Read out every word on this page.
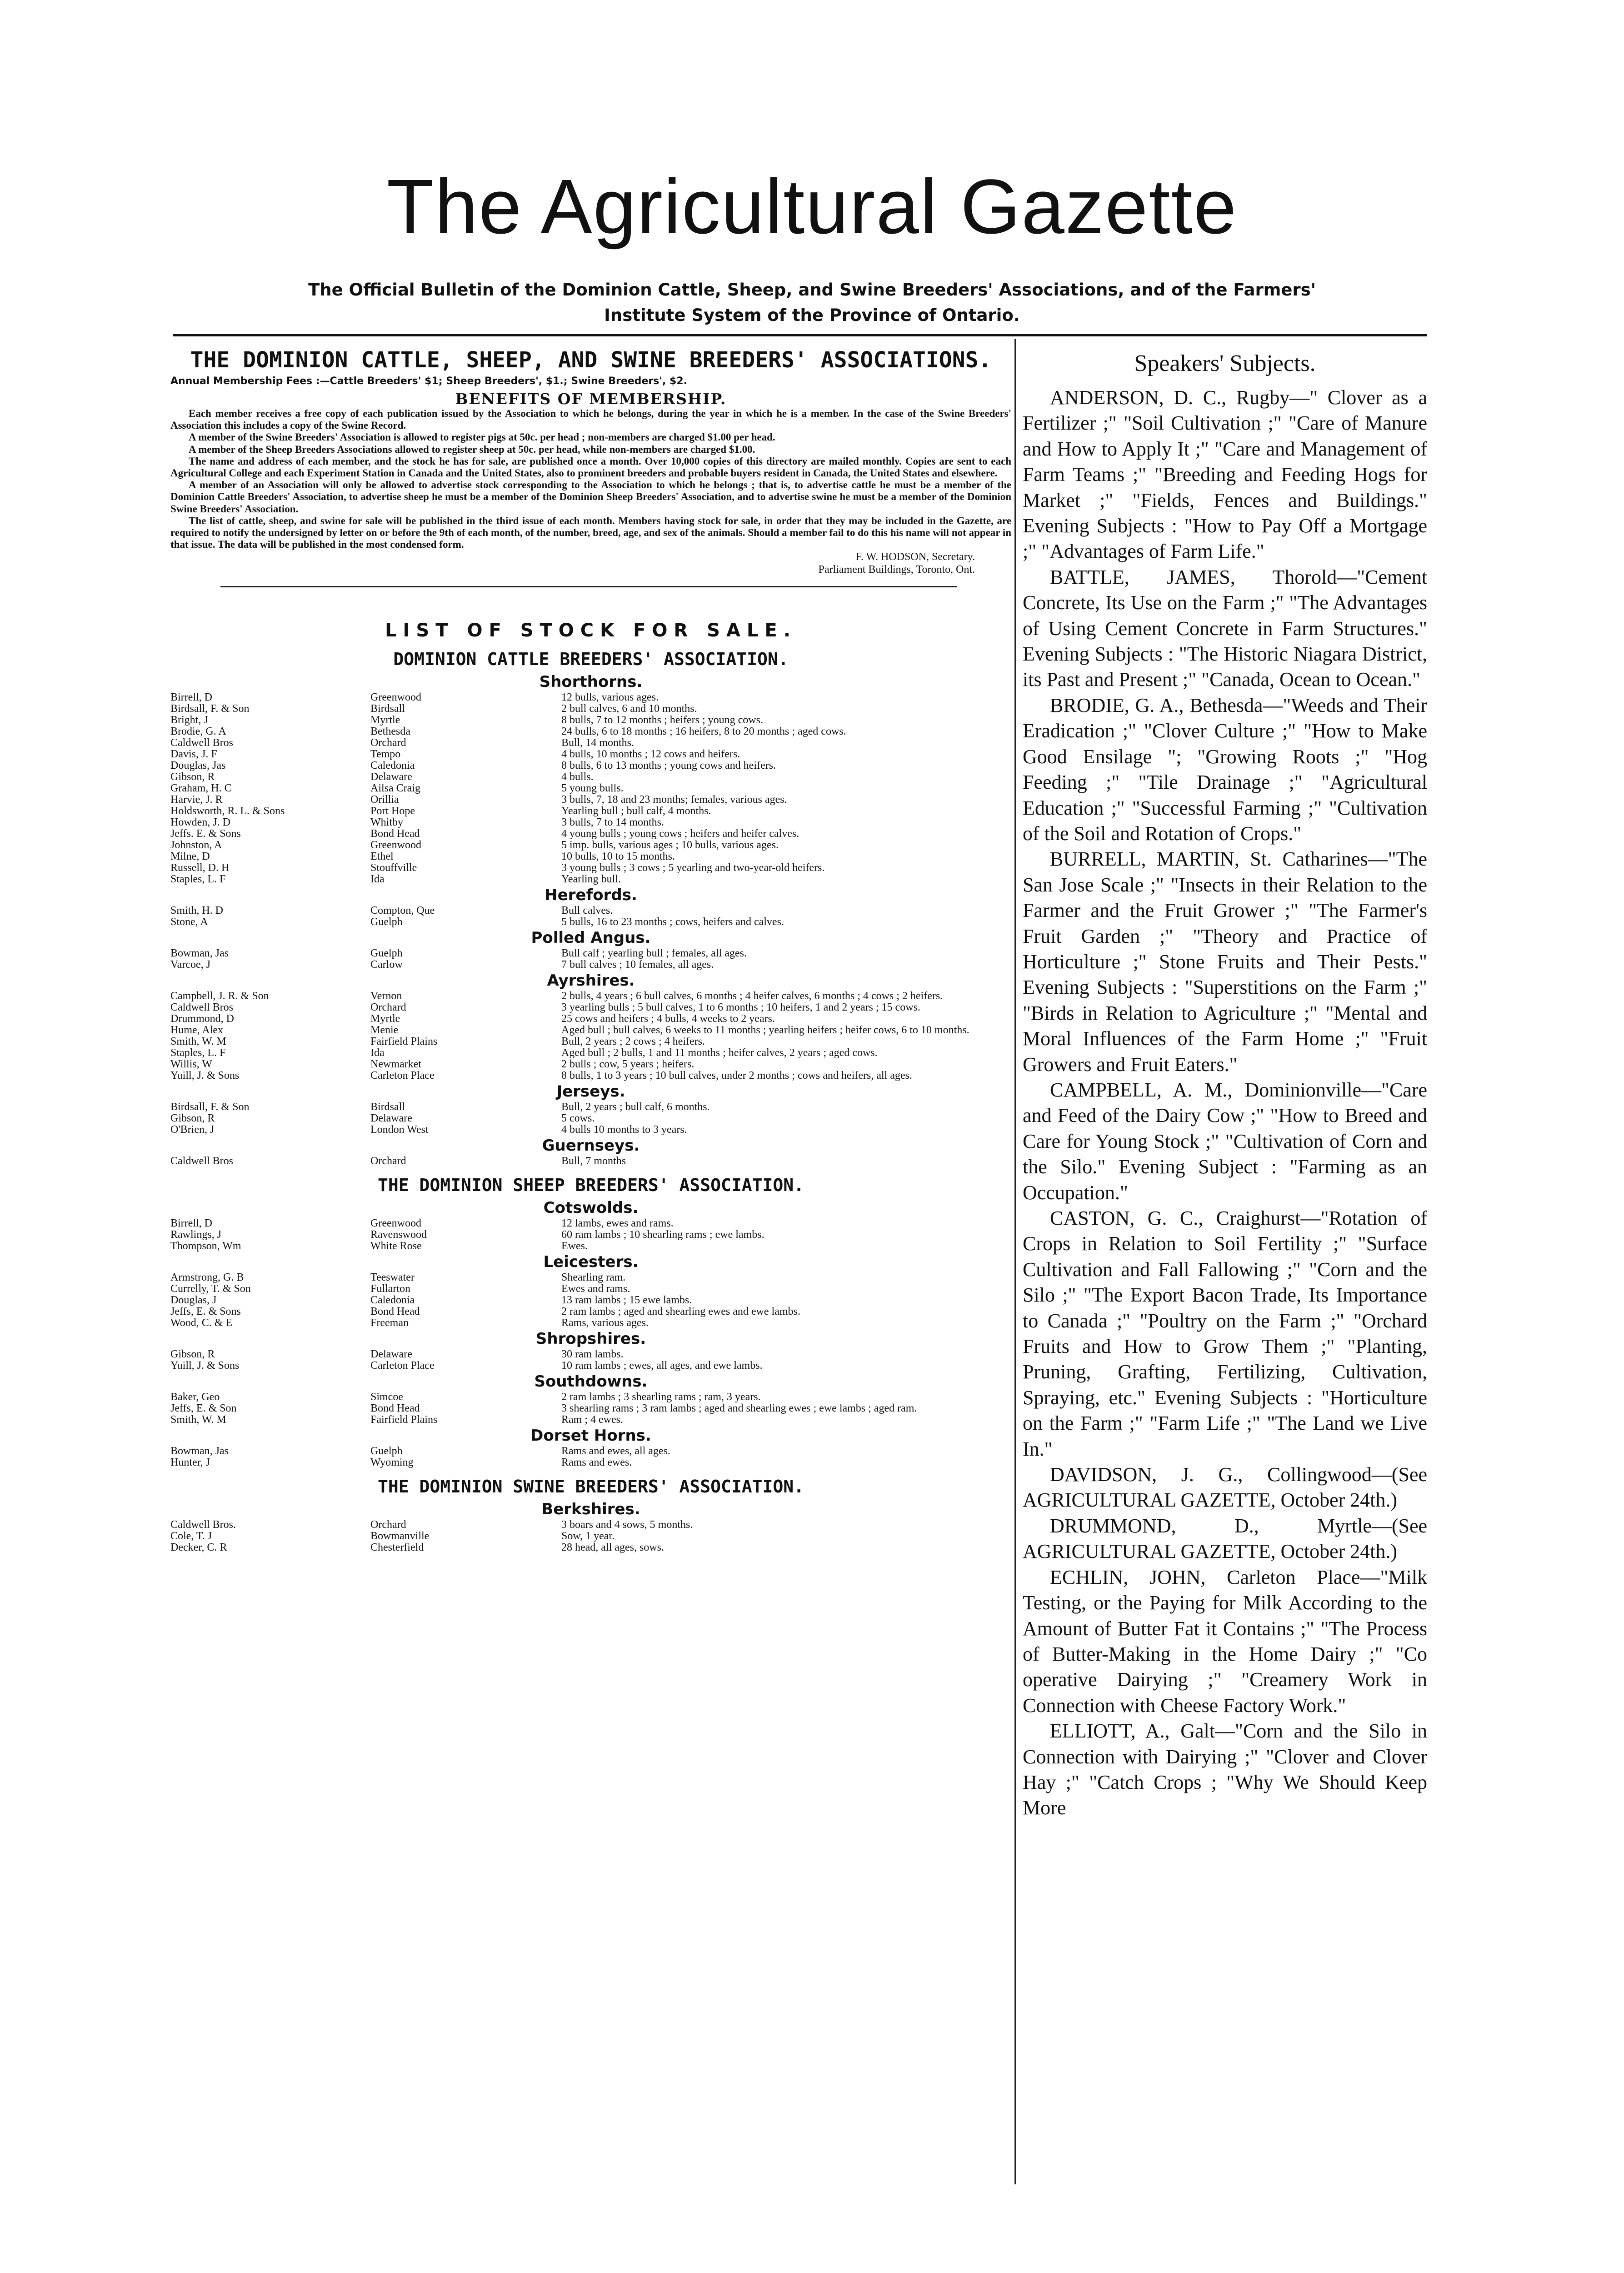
The Agricultural Gazette
The Official Bulletin of the Dominion Cattle, Sheep, and Swine Breeders' Associations, and of the Farmers' Institute System of the Province of Ontario.
THE DOMINION CATTLE, SHEEP, AND SWINE BREEDERS' ASSOCIATIONS.
Annual Membership Fees :—Cattle Breeders' $1; Sheep Breeders', $1.; Swine Breeders', $2.
BENEFITS OF MEMBERSHIP.

Each member receives a free copy of each publication issued by the Association to which he belongs, during the year in which he is a member. In the case of the Swine Breeders' Association this includes a copy of the Swine Record.

A member of the Swine Breeders' Association is allowed to register pigs at 50c. per head ; non-members are charged $1.00 per head.

A member of the Sheep Breeders Associations allowed to register sheep at 50c. per head, while non-members are charged $1.00.

The name and address of each member, and the stock he has for sale, are published once a month. Over 10,000 copies of this directory are mailed monthly. Copies are sent to each Agricultural College and each Experiment Station in Canada and the United States, also to prominent breeders and probable buyers resident in Canada, the United States and elsewhere.

A member of an Association will only be allowed to advertise stock corresponding to the Association to which he belongs ; that is, to advertise cattle he must be a member of the Dominion Cattle Breeders' Association, to advertise sheep he must be a member of the Dominion Sheep Breeders' Association, and to advertise swine he must be a member of the Dominion Swine Breeders' Association.

The list of cattle, sheep, and swine for sale will be published in the third issue of each month. Members having stock for sale, in order that they may be included in the Gazette, are required to notify the undersigned by letter on or before the 9th of each month, of the number, breed, age, and sex of the animals. Should a member fail to do this his name will not appear in that issue. The data will be published in the most condensed form.

F. W. HODSON, Secretary.
Parliament Buildings, Toronto, Ont.
LIST OF STOCK FOR SALE.
DOMINION CATTLE BREEDERS' ASSOCIATION.
Shorthorns.
Birrell, D	Greenwood	12 bulls, various ages.
Birdsall, F. & Son	Birdsall	2 bull calves, 6 and 10 months.
Bright, J	Myrtle	8 bulls, 7 to 12 months ; heifers ; young cows.
Brodie, G. A	Bethesda	24 bulls, 6 to 18 months ; 16 heifers, 8 to 20 months ; aged cows.
Caldwell Bros	Orchard	Bull, 14 months.
Davis, J. F	Tempo	4 bulls, 10 months ; 12 cows and heifers.
Douglas, Jas	Caledonia	8 bulls, 6 to 13 months ; young cows and heifers.
Gibson, R	Delaware	4 bulls.
Graham, H. C	Ailsa Craig	5 young bulls.
Harvie, J. R	Orillia	3 bulls, 7, 18 and 23 months; females, various ages.
Holdsworth, R. L. & Sons	Port Hope	Yearling bull ; bull calf, 4 months.
Howden, J. D	Whitby	3 bulls, 7 to 14 months.
Jeffs. E. & Sons	Bond Head	4 young bulls ; young cows ; heifers and heifer calves.
Johnston, A	Greenwood	5 imp. bulls, various ages ; 10 bulls, various ages.
Milne, D	Ethel	10 bulls, 10 to 15 months.
Russell, D. H	Stouffville	3 young bulls ; 3 cows ; 5 yearling and two-year-old heifers.
Staples, L. F	Ida	Yearling bull.
Herefords.
Smith, H. D	Compton, Que	Bull calves.
Stone, A	Guelph	5 bulls, 16 to 23 months ; cows, heifers and calves.
Polled Angus.
Bowman, Jas	Guelph	Bull calf ; yearling bull ; females, all ages.
Varcoe, J	Carlow	7 bull calves ; 10 females, all ages.
Ayrshires.
Campbell, J. R. & Son	Vernon	2 bulls, 4 years ; 6 bull calves, 6 months ; 4 heifer calves, 6 months ; 4 cows ; 2 heifers.
Caldwell Bros	Orchard	3 yearling bulls ; 5 bull calves, 1 to 6 months ; 10 heifers, 1 and 2 years ; 15 cows.
Drummond, D	Myrtle	25 cows and heifers ; 4 bulls, 4 weeks to 2 years.
Hume, Alex	Menie	Aged bull ; bull calves, 6 weeks to 11 months ; yearling heifers ; heifer cows, 6 to 10 months.
Smith, W. M	Fairfield Plains	Bull, 2 years ; 2 cows ; 4 heifers.
Staples, L. F	Ida	Aged bull ; 2 bulls, 1 and 11 months ; heifer calves, 2 years ; aged cows.
Willis, W	Newmarket	2 bulls ; cow, 5 years ; heifers.
Yuill, J. & Sons	Carleton Place	8 bulls, 1 to 3 years ; 10 bull calves, under 2 months ; cows and heifers, all ages.
Jerseys.
Birdsall, F. & Son	Birdsall	Bull, 2 years ; bull calf, 6 months.
Gibson, R	Delaware	5 cows.
O'Brien, J	London West	4 bulls 10 months to 3 years.
Guernseys.
Caldwell Bros	Orchard	Bull, 7 months
THE DOMINION SHEEP BREEDERS' ASSOCIATION.
Cotswolds.
Birrell, D	Greenwood	12 lambs, ewes and rams.
Rawlings, J	Ravenswood	60 ram lambs ; 10 shearling rams ; ewe lambs.
Thompson, Wm	White Rose	Ewes.
Leicesters.
Armstrong, G. B	Teeswater	Shearling ram.
Currelly, T. & Son	Fullarton	Ewes and rams.
Douglas, J	Caledonia	13 ram lambs ; 15 ewe lambs.
Jeffs, E. & Sons	Bond Head	2 ram lambs ; aged and shearling ewes and ewe lambs.
Wood, C. & E	Freeman	Rams, various ages.
Shropshires.
Gibson, R	Delaware	30 ram lambs.
Yuill, J. & Sons	Carleton Place	10 ram lambs ; ewes, all ages, and ewe lambs.
Southdowns.
Baker, Geo	Simcoe	2 ram lambs ; 3 shearling rams ; ram, 3 years.
Jeffs, E. & Son	Bond Head	3 shearling rams ; 3 ram lambs ; aged and shearling ewes ; ewe lambs ; aged ram.
Smith, W. M	Fairfield Plains	Ram ; 4 ewes.
Dorset Horns.
Bowman, Jas	Guelph	Rams and ewes, all ages.
Hunter, J	Wyoming	Rams and ewes.
THE DOMINION SWINE BREEDERS' ASSOCIATION.
Berkshires.
Caldwell Bros.	Orchard	3 boars and 4 sows, 5 months.
Cole, T. J	Bowmanville	Sow, 1 year.
Decker, C. R	Chesterfield	28 head, all ages, sows.
Speakers' Subjects.

ANDERSON, D. C., Rugby—" Clover as a Fertilizer ;" "Soil Cultivation ;" "Care of Manure and How to Apply It ;" "Care and Management of Farm Teams ;" "Breeding and Feeding Hogs for Market ;" "Fields, Fences and Buildings." Evening Subjects : "How to Pay Off a Mortgage ;" "Advantages of Farm Life."

BATTLE, JAMES, Thorold—"Cement Concrete, Its Use on the Farm ;" "The Advantages of Using Cement Concrete in Farm Structures." Evening Subjects : "The Historic Niagara District, its Past and Present ;" "Canada, Ocean to Ocean."

BRODIE, G. A., Bethesda—"Weeds and Their Eradication ;" "Clover Culture ;" "How to Make Good Ensilage "; "Growing Roots ;" "Hog Feeding ;" "Tile Drainage ;" "Agricultural Education ;" "Successful Farming ;" "Cultivation of the Soil and Rotation of Crops."

BURRELL, MARTIN, St. Catharines—"The San Jose Scale ;" "Insects in their Relation to the Farmer and the Fruit Grower ;" "The Farmer's Fruit Garden ;" "Theory and Practice of Horticulture ;" Stone Fruits and Their Pests." Evening Subjects : "Superstitions on the Farm ;" "Birds in Relation to Agriculture ;" "Mental and Moral Influences of the Farm Home ;" "Fruit Growers and Fruit Eaters."

CAMPBELL, A. M., Dominionville—"Care and Feed of the Dairy Cow ;" "How to Breed and Care for Young Stock ;" "Cultivation of Corn and the Silo." Evening Subject : "Farming as an Occupation."

CASTON, G. C., Craighurst—"Rotation of Crops in Relation to Soil Fertility ;" "Surface Cultivation and Fall Fallowing ;" "Corn and the Silo ;" "The Export Bacon Trade, Its Importance to Canada ;" "Poultry on the Farm ;" "Orchard Fruits and How to Grow Them ;" "Planting, Pruning, Grafting, Fertilizing, Cultivation, Spraying, etc." Evening Subjects : "Horticulture on the Farm ;" "Farm Life ;" "The Land we Live In."

DAVIDSON, J. G., Collingwood—(See AGRICULTURAL GAZETTE, October 24th.)

DRUMMOND, D., Myrtle—(See AGRICULTURAL GAZETTE, October 24th.)

ECHLIN, JOHN, Carleton Place—"Milk Testing, or the Paying for Milk According to the Amount of Butter Fat it Contains ;" "The Process of Butter-Making in the Home Dairy ;" "Co operative Dairying ;" "Creamery Work in Connection with Cheese Factory Work."

ELLIOTT, A., Galt—"Corn and the Silo in Connection with Dairying ;" "Clover and Clover Hay ;" "Catch Crops ; "Why We Should Keep More
